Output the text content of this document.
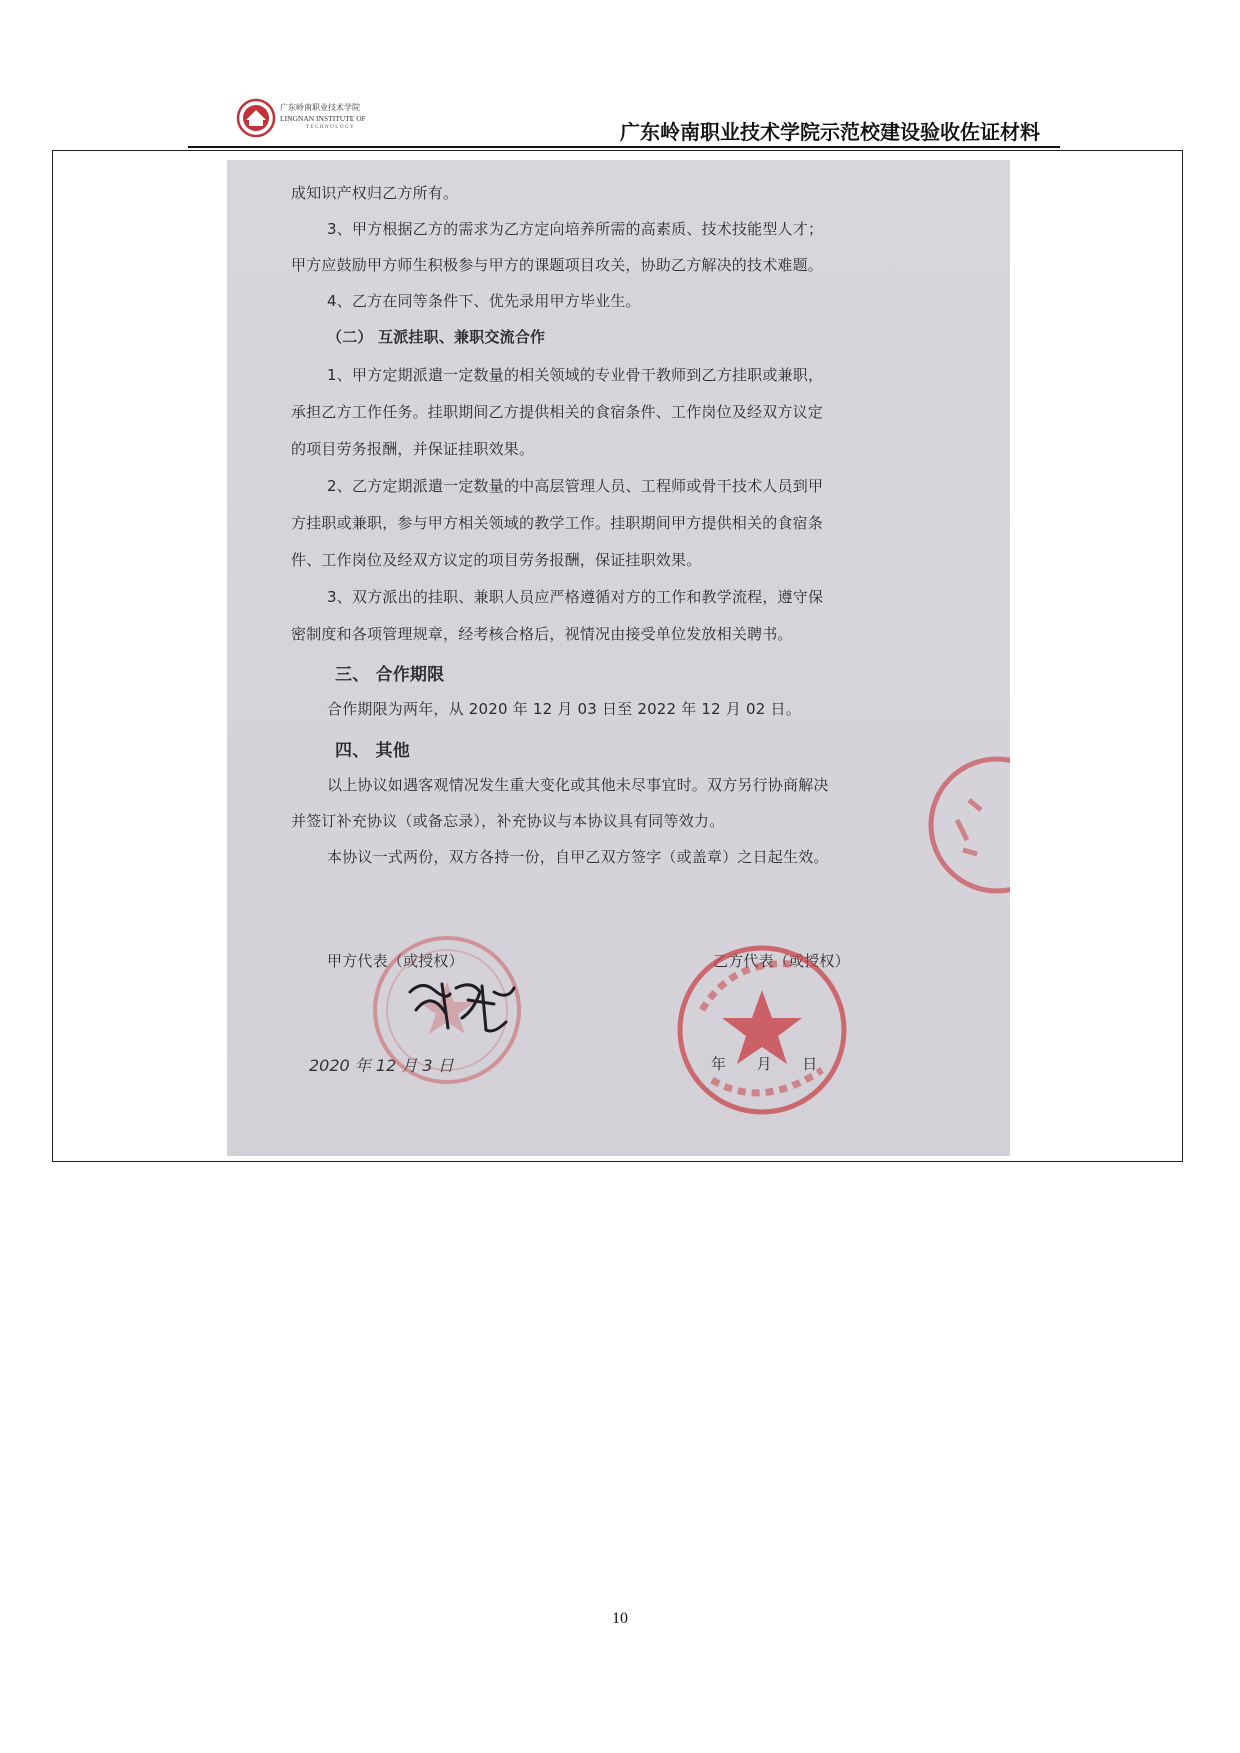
广东岭南职业技术学院
LINGNAN INSTITUTE OF
TECHNOLOGY	广东岭南职业技术学院示范校建设验收佐证材料
成知识产权归乙方所有。
3、甲方根据乙方的需求为乙方定向培养所需的高素质、技术技能型人才；
甲方应鼓励甲方师生积极参与甲方的课题项目攻关，协助乙方解决的技术难题。
4、乙方在同等条件下、优先录用甲方毕业生。
（二） 互派挂职、兼职交流合作
1、甲方定期派遣一定数量的相关领域的专业骨干教师到乙方挂职或兼职，
承担乙方工作任务。挂职期间乙方提供相关的食宿条件、工作岗位及经双方议定
的项目劳务报酬，并保证挂职效果。
2、乙方定期派遣一定数量的中高层管理人员、工程师或骨干技术人员到甲
方挂职或兼职，参与甲方相关领域的教学工作。挂职期间甲方提供相关的食宿条
件、工作岗位及经双方议定的项目劳务报酬，保证挂职效果。
3、双方派出的挂职、兼职人员应严格遵循对方的工作和教学流程，遵守保
密制度和各项管理规章，经考核合格后，视情况由接受单位发放相关聘书。
三、 合作期限
合作期限为两年，从 2020 年 12 月 03 日至 2022 年 12 月 02 日。
四、 其他
以上协议如遇客观情况发生重大变化或其他未尽事宜时。双方另行协商解决
并签订补充协议（或备忘录），补充协议与本协议具有同等效力。
本协议一式两份，双方各持一份，自甲乙双方签字（或盖章）之日起生效。
甲方代表（或授权）	乙方代表（或授权）
2020 年 12 月 3 日	年　　月　　日
10
